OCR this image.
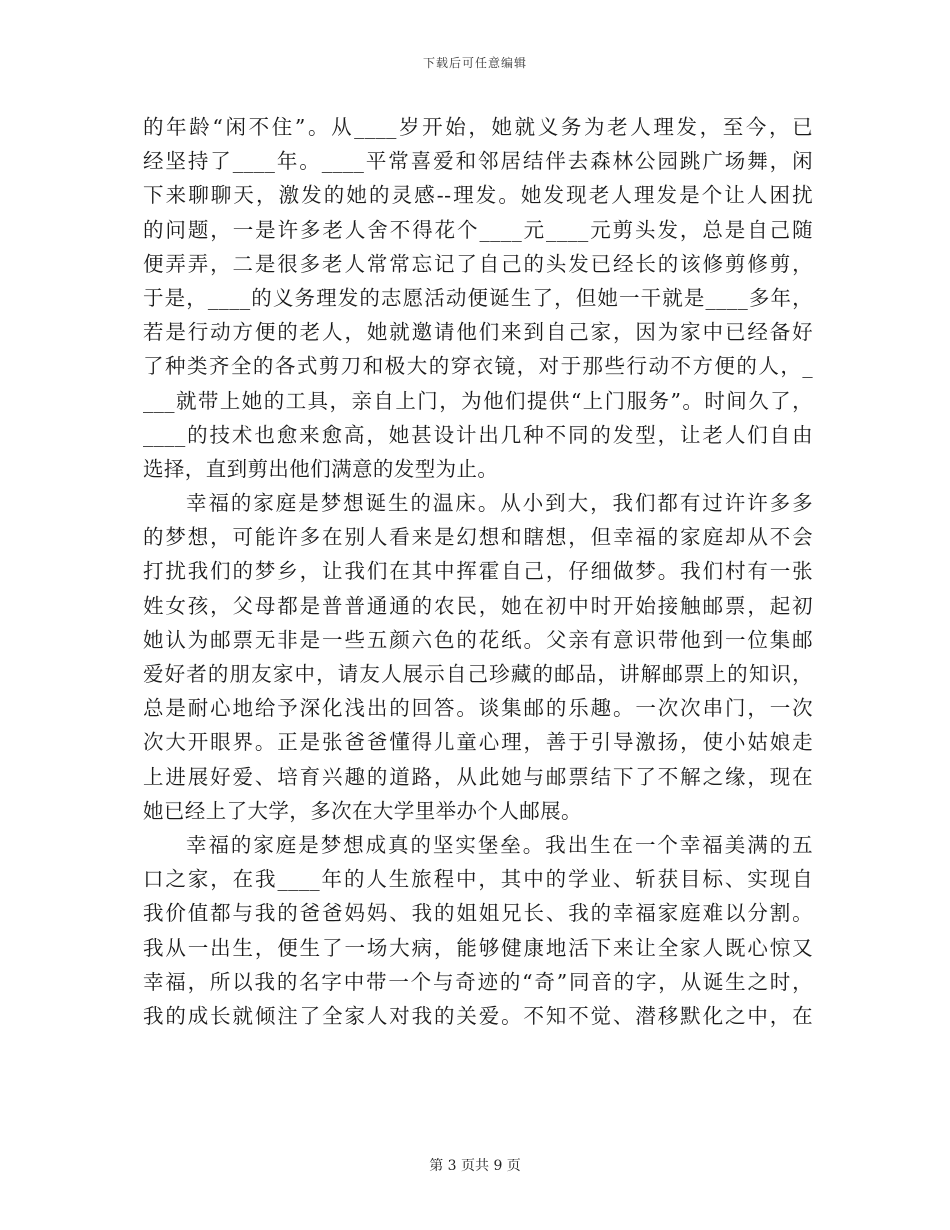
下载后可任意编辑
的年龄“闲不住”。从____岁开始，她就义务为老人理发，至今，已
经坚持了____年。____平常喜爱和邻居结伴去森林公园跳广场舞，闲
下来聊聊天，激发的她的灵感--理发。她发现老人理发是个让人困扰
的问题，一是许多老人舍不得花个____元____元剪头发，总是自己随
便弄弄，二是很多老人常常忘记了自己的头发已经长的该修剪修剪，
于是，____的义务理发的志愿活动便诞生了，但她一干就是____多年，
若是行动方便的老人，她就邀请他们来到自己家，因为家中已经备好
了种类齐全的各式剪刀和极大的穿衣镜，对于那些行动不方便的人，_
___就带上她的工具，亲自上门，为他们提供“上门服务”。时间久了，
____的技术也愈来愈高，她甚设计出几种不同的发型，让老人们自由
选择，直到剪出他们满意的发型为止。
幸福的家庭是梦想诞生的温床。从小到大，我们都有过许许多多
的梦想，可能许多在别人看来是幻想和瞎想，但幸福的家庭却从不会
打扰我们的梦乡，让我们在其中挥霍自己，仔细做梦。我们村有一张
姓女孩，父母都是普普通通的农民，她在初中时开始接触邮票，起初
她认为邮票无非是一些五颜六色的花纸。父亲有意识带他到一位集邮
爱好者的朋友家中，请友人展示自己珍藏的邮品，讲解邮票上的知识，
总是耐心地给予深化浅出的回答。谈集邮的乐趣。一次次串门，一次
次大开眼界。正是张爸爸懂得儿童心理，善于引导激扬，使小姑娘走
上进展好爱、培育兴趣的道路，从此她与邮票结下了不解之缘，现在
她已经上了大学，多次在大学里举办个人邮展。
幸福的家庭是梦想成真的坚实堡垒。我出生在一个幸福美满的五
口之家，在我____年的人生旅程中，其中的学业、斩获目标、实现自
我价值都与我的爸爸妈妈、我的姐姐兄长、我的幸福家庭难以分割。
我从一出生，便生了一场大病，能够健康地活下来让全家人既心惊又
幸福，所以我的名字中带一个与奇迹的“奇”同音的字，从诞生之时，
我的成长就倾注了全家人对我的关爱。不知不觉、潜移默化之中，在
第 3 页共 9 页
